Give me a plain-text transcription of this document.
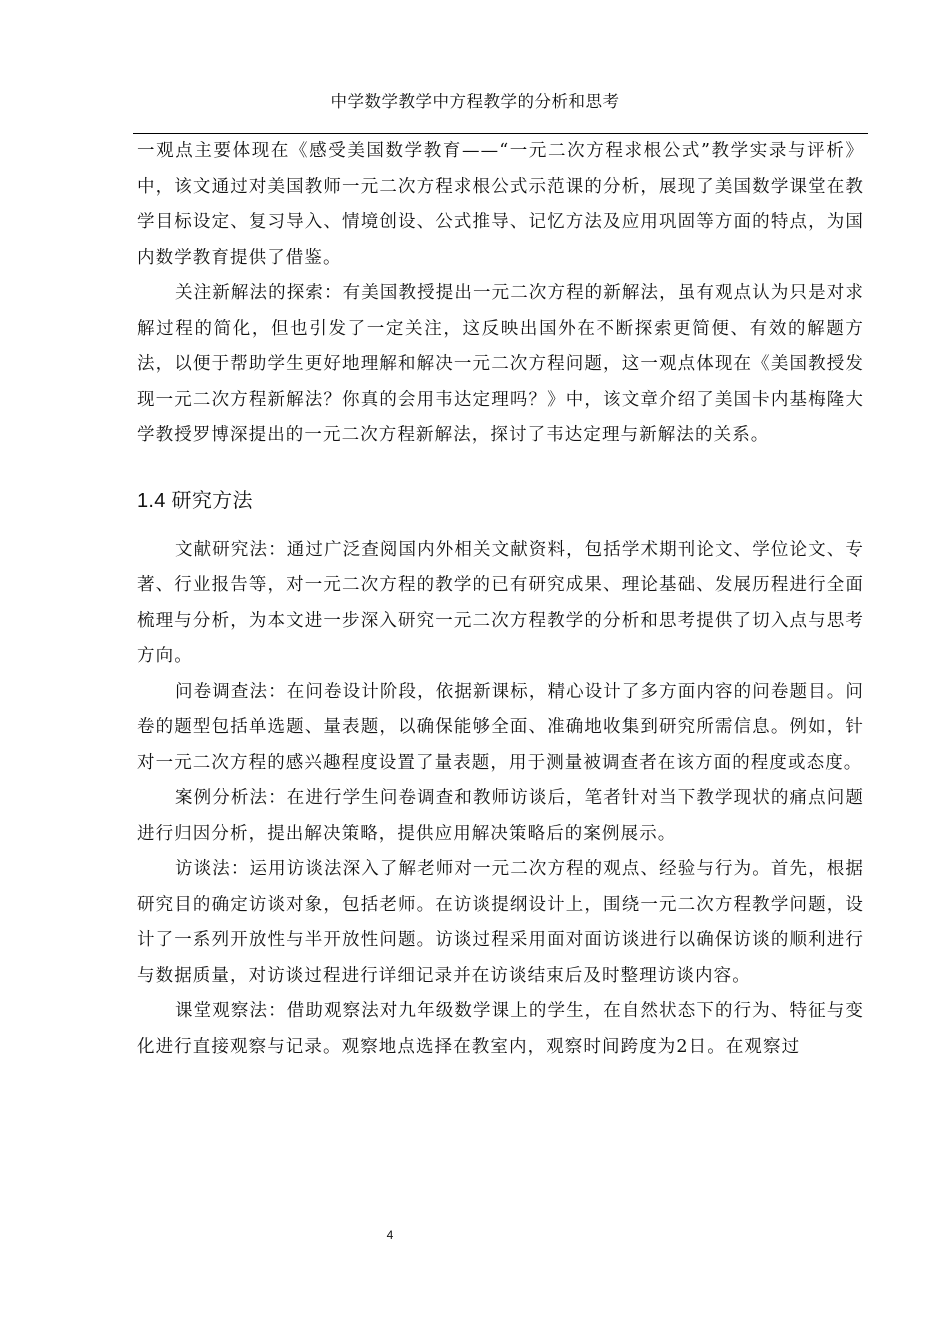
中学数学教学中方程教学的分析和思考

一观点主要体现在《感受美国数学教育——“一元二次方程求根公式”教学实录与评析》中，该文通过对美国教师一元二次方程求根公式示范课的分析，展现了美国数学课堂在教学目标设定、复习导入、情境创设、公式推导、记忆方法及应用巩固等方面的特点，为国内数学教育提供了借鉴。

关注新解法的探索：有美国教授提出一元二次方程的新解法，虽有观点认为只是对求解过程的简化，但也引发了一定关注，这反映出国外在不断探索更简便、有效的解题方法，以便于帮助学生更好地理解和解决一元二次方程问题，这一观点体现在《美国教授发现一元二次方程新解法？你真的会用韦达定理吗？》中，该文章介绍了美国卡内基梅隆大学教授罗博深提出的一元二次方程新解法，探讨了韦达定理与新解法的关系。

1.4 研究方法

文献研究法：通过广泛查阅国内外相关文献资料，包括学术期刊论文、学位论文、专著、行业报告等，对一元二次方程的教学的已有研究成果、理论基础、发展历程进行全面梳理与分析，为本文进一步深入研究一元二次方程教学的分析和思考提供了切入点与思考方向。

问卷调查法：在问卷设计阶段，依据新课标，精心设计了多方面内容的问卷题目。问卷的题型包括单选题、量表题，以确保能够全面、准确地收集到研究所需信息。例如，针对一元二次方程的感兴趣程度设置了量表题，用于测量被调查者在该方面的程度或态度。

案例分析法：在进行学生问卷调查和教师访谈后，笔者针对当下教学现状的痛点问题进行归因分析，提出解决策略，提供应用解决策略后的案例展示。

访谈法：运用访谈法深入了解老师对一元二次方程的观点、经验与行为。首先，根据研究目的确定访谈对象，包括老师。在访谈提纲设计上，围绕一元二次方程教学问题，设计了一系列开放性与半开放性问题。访谈过程采用面对面访谈进行以确保访谈的顺利进行与数据质量，对访谈过程进行详细记录并在访谈结束后及时整理访谈内容。

课堂观察法：借助观察法对九年级数学课上的学生，在自然状态下的行为、特征与变化进行直接观察与记录。观察地点选择在教室内，观察时间跨度为2日。在观察过

4
